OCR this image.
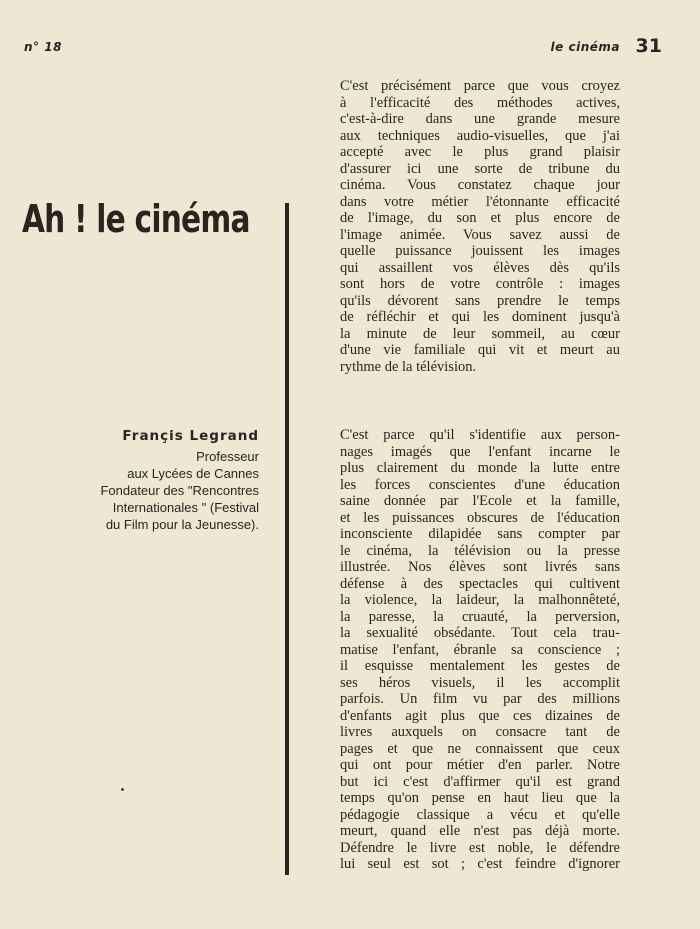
n° 18	le cinéma 31
Ah ! le cinéma
Françis Legrand
Professeur
aux Lycées de Cannes
Fondateur des "Rencontres
Internationales " (Festival
du Film pour la Jeunesse).
C'est précisément parce que vous croyez
à l'efficacité des méthodes actives,
c'est-à-dire dans une grande mesure
aux techniques audio-visuelles, que j'ai
accepté avec le plus grand plaisir
d'assurer ici une sorte de tribune du
cinéma. Vous constatez chaque jour
dans votre métier l'étonnante efficacité
de l'image, du son et plus encore de
l'image animée. Vous savez aussi de
quelle puissance jouissent les images
qui assaillent vos élèves dès qu'ils
sont hors de votre contrôle : images
qu'ils dévorent sans prendre le temps
de réfléchir et qui les dominent jusqu'à
la minute de leur sommeil, au cœur
d'une vie familiale qui vit et meurt au
rythme de la télévision.
C'est parce qu'il s'identifie aux person-
nages imagés que l'enfant incarne le
plus clairement du monde la lutte entre
les forces conscientes d'une éducation
saine donnée par l'Ecole et la famille,
et les puissances obscures de l'éducation
inconsciente dilapidée sans compter par
le cinéma, la télévision ou la presse
illustrée. Nos élèves sont livrés sans
défense à des spectacles qui cultivent
la violence, la laideur, la malhonnêteté,
la paresse, la cruauté, la perversion,
la sexualité obsédante. Tout cela trau-
matise l'enfant, ébranle sa conscience ;
il esquisse mentalement les gestes de
ses héros visuels, il les accomplit
parfois. Un film vu par des millions
d'enfants agit plus que ces dizaines de
livres auxquels on consacre tant de
pages et que ne connaissent que ceux
qui ont pour métier d'en parler. Notre
but ici c'est d'affirmer qu'il est grand
temps qu'on pense en haut lieu que la
pédagogie classique a vécu et qu'elle
meurt, quand elle n'est pas déjà morte.
Défendre le livre est noble, le défendre
lui seul est sot ; c'est feindre d'ignorer
